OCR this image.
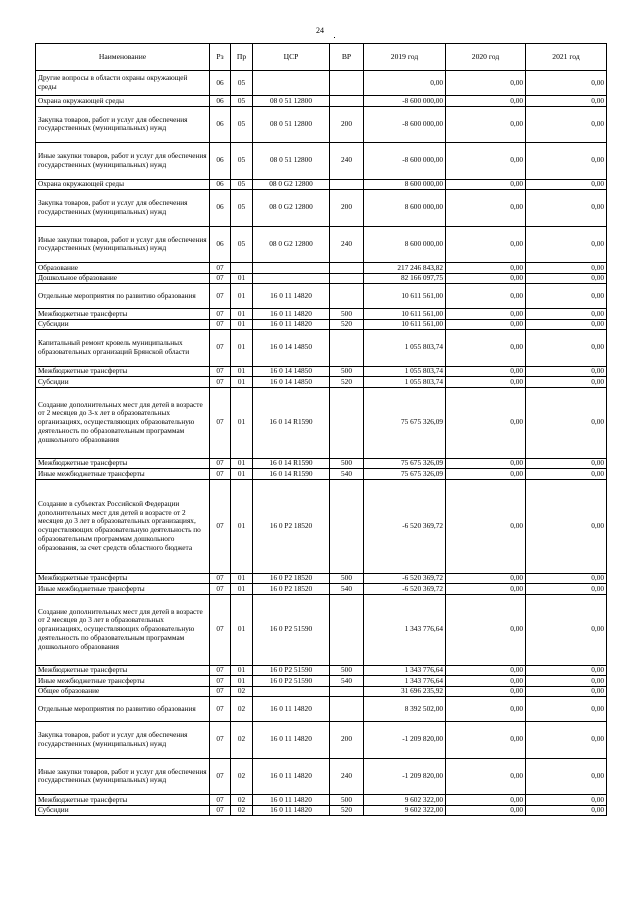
24
Наименование	Рз	Пр	ЦСР	ВР	2019 год	2020 год	2021 год
Другие вопросы в области охраны окружающей среды	06	05			0,00	0,00	0,00
Охрана окружающей среды	06	05	08 0 51 12800		-8 600 000,00	0,00	0,00
Закупка товаров, работ и услуг для обеспечения государственных (муниципальных) нужд	06	05	08 0 51 12800	200	-8 600 000,00	0,00	0,00
Иные закупки товаров, работ и услуг для обеспечения государственных (муниципальных) нужд	06	05	08 0 51 12800	240	-8 600 000,00	0,00	0,00
Охрана окружающей среды	06	05	08 0 G2 12800		8 600 000,00	0,00	0,00
Закупка товаров, работ и услуг для обеспечения государственных (муниципальных) нужд	06	05	08 0 G2 12800	200	8 600 000,00	0,00	0,00
Иные закупки товаров, работ и услуг для обеспечения государственных (муниципальных) нужд	06	05	08 0 G2 12800	240	8 600 000,00	0,00	0,00
Образование	07				217 246 843,82	0,00	0,00
Дошкольное образование	07	01			82 166 097,75	0,00	0,00
Отдельные мероприятия по развитию образования	07	01	16 0 11 14820		10 611 561,00	0,00	0,00
Межбюджетные трансферты	07	01	16 0 11 14820	500	10 611 561,00	0,00	0,00
Субсидии	07	01	16 0 11 14820	520	10 611 561,00	0,00	0,00
Капитальный ремонт кровель муниципальных образовательных организаций Брянской области	07	01	16 0 14 14850		1 055 803,74	0,00	0,00
Межбюджетные трансферты	07	01	16 0 14 14850	500	1 055 803,74	0,00	0,00
Субсидии	07	01	16 0 14 14850	520	1 055 803,74	0,00	0,00
Создание дополнительных мест для детей в возрасте от 2 месяцев до 3-х лет в образовательных организациях, осуществляющих образовательную деятельность по образовательным программам дошкольного образования	07	01	16 0 14 R1590		75 675 326,09	0,00	0,00
Межбюджетные трансферты	07	01	16 0 14 R1590	500	75 675 326,09	0,00	0,00
Иные межбюджетные трансферты	07	01	16 0 14 R1590	540	75 675 326,09	0,00	0,00
Создание в субъектах Российской Федерации дополнительных мест для детей в возрасте от 2 месяцев до 3 лет в образовательных организациях, осуществляющих образовательную деятельность по образовательным программам дошкольного образования, за счет средств областного бюджета	07	01	16 0 P2 18520		-6 520 369,72	0,00	0,00
Межбюджетные трансферты	07	01	16 0 P2 18520	500	-6 520 369,72	0,00	0,00
Иные межбюджетные трансферты	07	01	16 0 P2 18520	540	-6 520 369,72	0,00	0,00
Создание дополнительных мест для детей в возрасте от 2 месяцев до 3 лет в образовательных организациях, осуществляющих образовательную деятельность по образовательным программам дошкольного образования	07	01	16 0 P2 51590		1 343 776,64	0,00	0,00
Межбюджетные трансферты	07	01	16 0 P2 51590	500	1 343 776,64	0,00	0,00
Иные межбюджетные трансферты	07	01	16 0 P2 51590	540	1 343 776,64	0,00	0,00
Общее образование	07	02			31 696 235,92	0,00	0,00
Отдельные мероприятия по развитию образования	07	02	16 0 11 14820		8 392 502,00	0,00	0,00
Закупка товаров, работ и услуг для обеспечения государственных (муниципальных) нужд	07	02	16 0 11 14820	200	-1 209 820,00	0,00	0,00
Иные закупки товаров, работ и услуг для обеспечения государственных (муниципальных) нужд	07	02	16 0 11 14820	240	-1 209 820,00	0,00	0,00
Межбюджетные трансферты	07	02	16 0 11 14820	500	9 602 322,00	0,00	0,00
Субсидии	07	02	16 0 11 14820	520	9 602 322,00	0,00	0,00
